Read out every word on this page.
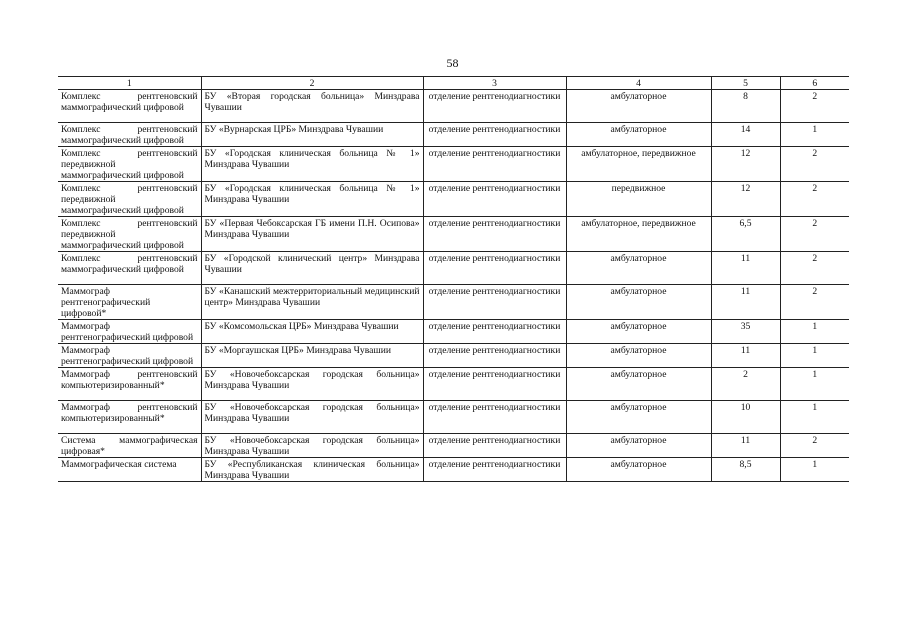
58
1	2	3	4	5	6
Комплекс рентгеновский маммографический цифровой	БУ «Вторая городская больница» Минздрава Чувашии	отделение рентгенодиагностики	амбулаторное	8	2
Комплекс рентгеновский маммографический цифровой	БУ «Вурнарская ЦРБ» Минздрава Чувашии	отделение рентгенодиагностики	амбулаторное	14	1
Комплекс рентгеновский передвижной маммографический цифровой	БУ «Городская клиническая больница № 1» Минздрава Чувашии	отделение рентгенодиагностики	амбулаторное, передвижное	12	2
Комплекс рентгеновский передвижной маммографический цифровой	БУ «Городская клиническая больница № 1» Минздрава Чувашии	отделение рентгенодиагностики	передвижное	12	2
Комплекс рентгеновский передвижной маммографический цифровой	БУ «Первая Чебоксарская ГБ имени П.Н. Осипова» Минздрава Чувашии	отделение рентгенодиагностики	амбулаторное, передвижное	6,5	2
Комплекс рентгеновский маммографический цифровой	БУ «Городской клинический центр» Минздрава Чувашии	отделение рентгенодиагностики	амбулаторное	11	2
Маммограф рентгенографический цифровой*	БУ «Канашский межтерриториальный медицинский центр» Минздрава Чувашии	отделение рентгенодиагностики	амбулаторное	11	2
Маммограф рентгенографический цифровой	БУ «Комсомольская ЦРБ» Минздрава Чувашии	отделение рентгенодиагностики	амбулаторное	35	1
Маммограф рентгенографический цифровой	БУ «Моргаушская ЦРБ» Минздрава Чувашии	отделение рентгенодиагностики	амбулаторное	11	1
Маммограф рентгеновский компьютеризированный*	БУ «Новочебоксарская городская больница» Минздрава Чувашии	отделение рентгенодиагностики	амбулаторное	2	1
Маммограф рентгеновский компьютеризированный*	БУ «Новочебоксарская городская больница» Минздрава Чувашии	отделение рентгенодиагностики	амбулаторное	10	1
Система маммографическая цифровая*	БУ «Новочебоксарская городская больница» Минздрава Чувашии	отделение рентгенодиагностики	амбулаторное	11	2
Маммографическая система	БУ «Республиканская клиническая больница» Минздрава Чувашии	отделение рентгенодиагностики	амбулаторное	8,5	1
